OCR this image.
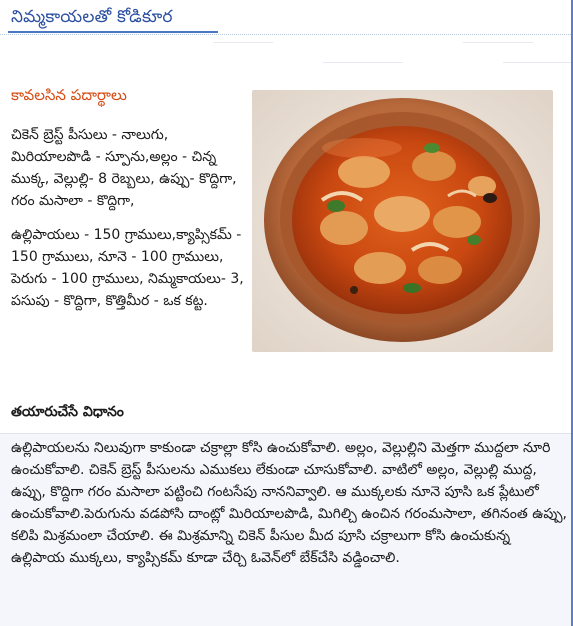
నిమ్మకాయలతో కోడికూర
కావలసిన పదార్థాలు

చికెన్ బ్రెస్ట్ పీసులు - నాలుగు, మిరియాలపొడి - స్పూను,అల్లం - చిన్న ముక్క, వెల్లుల్లి- 8 రెబ్బలు, ఉప్పు- కొద్దిగా, గరం మసాలా - కొద్దిగా,

ఉల్లిపాయలు - 150 గ్రాములు,క్యాప్సికమ్ - 150 గ్రాములు, నూనె - 100 గ్రాములు, పెరుగు - 100 గ్రాములు, నిమ్మకాయలు- 3, పసుపు - కొద్దిగా, కొత్తిమీర - ఒక కట్ట.

తయారుచేసే విధానం
ఉల్లిపాయలను నిలువుగా కాకుండా చక్రాల్లా కోసి ఉంచుకోవాలి. అల్లం, వెల్లుల్లిని మెత్తగా ముద్దలా నూరి ఉంచుకోవాలి. చికెన్ బ్రెస్ట్ పీసులను ఎముకలు లేకుండా చూసుకోవాలి. వాటిలో అల్లం, వెల్లుల్లి ముద్ద, ఉప్పు, కొద్దిగా గరం మసాలా పట్టించి గంటసేపు నాననివ్వాలి. ఆ ముక్కలకు నూనె పూసి ఒక ప్లేటులో ఉంచుకోవాలి.పెరుగును వడపోసి దాంట్లో మిరియాలపొడి, మిగిల్చి ఉంచిన గరంమసాలా, తగినంత ఉప్పు, కలిపి మిశ్రమంలా చేయాలి. ఈ మిశ్రమాన్ని చికెన్ పీసుల మీద పూసి చక్రాలుగా కోసి ఉంచుకున్న ఉల్లిపాయ ముక్కలు, క్యాప్సికమ్ కూడా చేర్చి ఓవెన్‌లో బేక్‌చేసి వడ్డించాలి.
